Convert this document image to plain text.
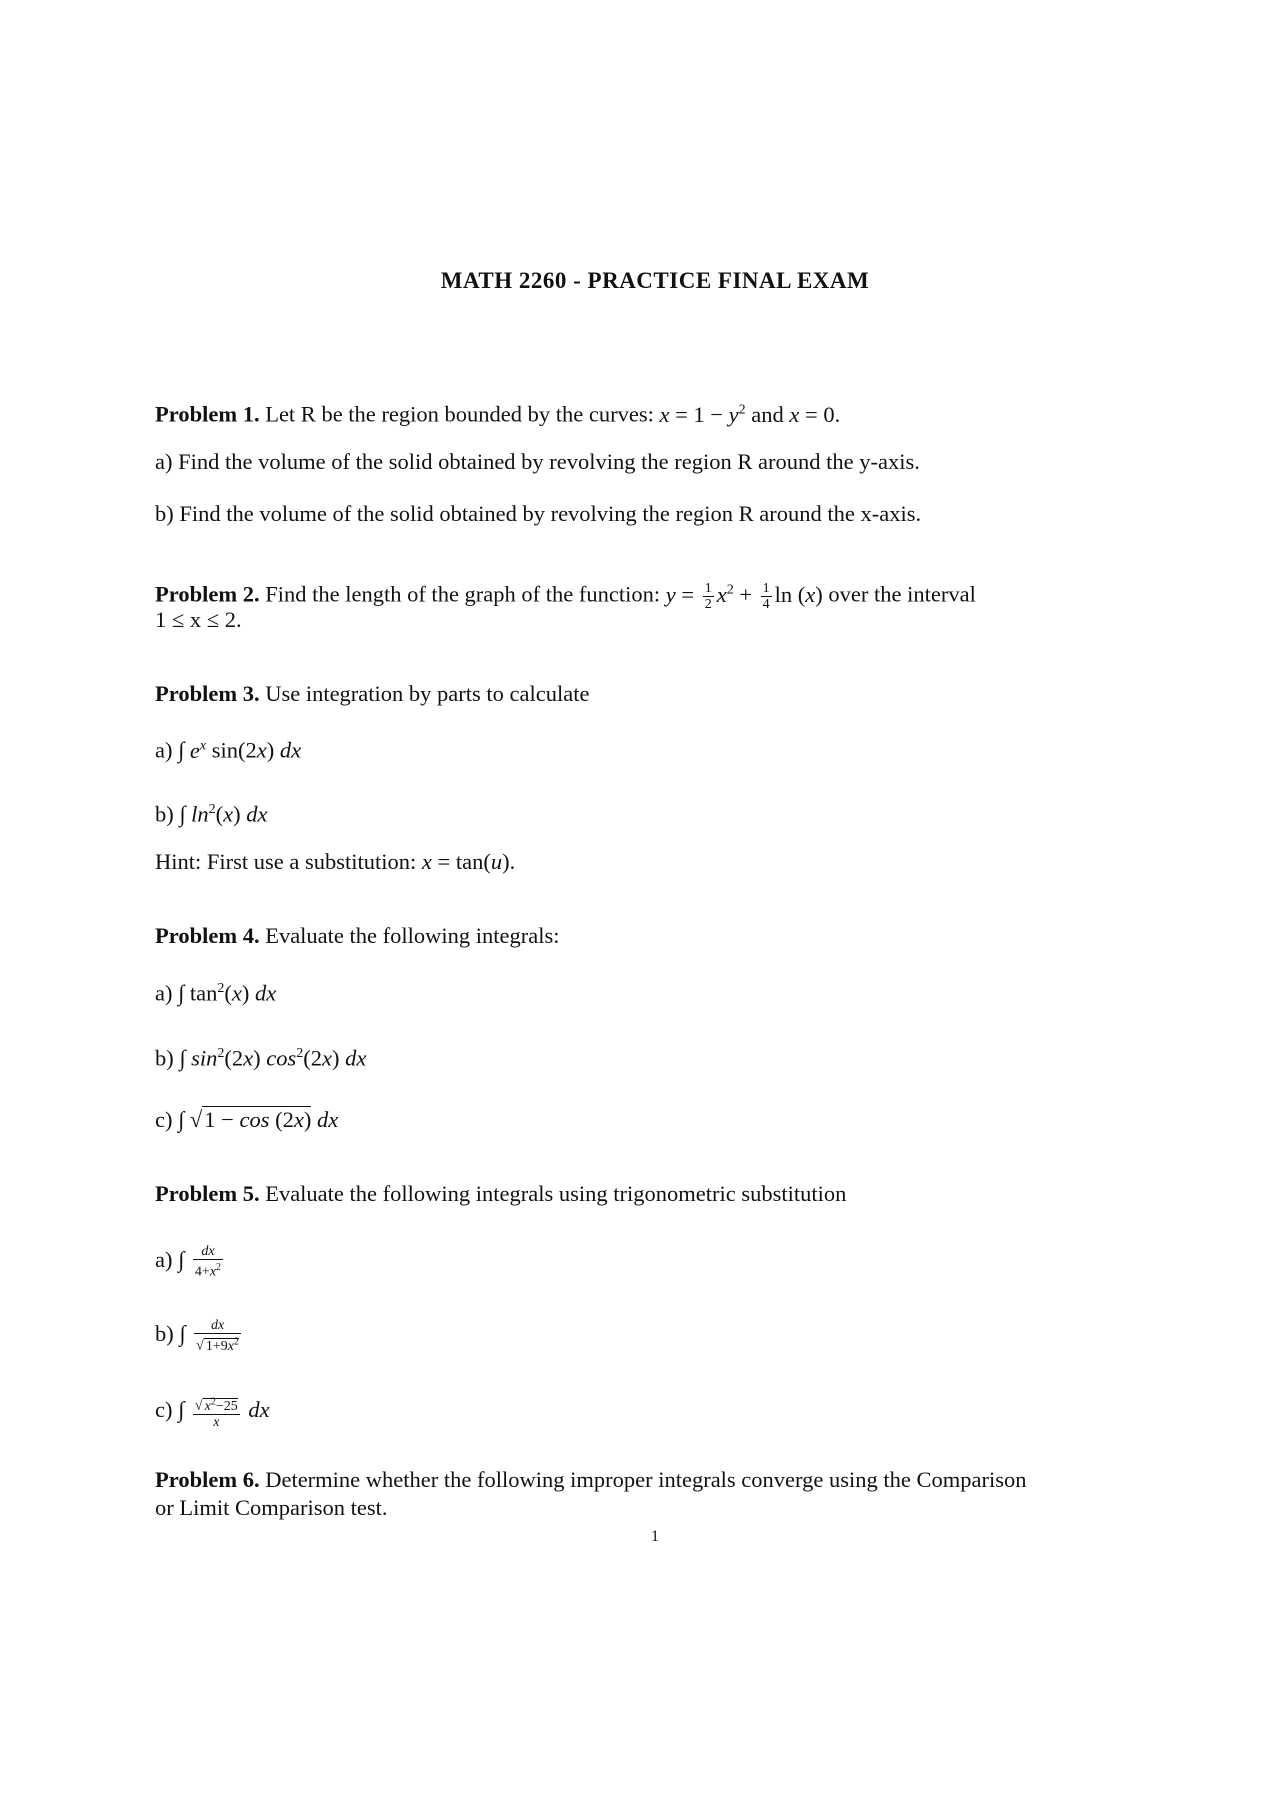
MATH 2260 - PRACTICE FINAL EXAM
Problem 1. Let R be the region bounded by the curves: $x = 1 - y^2$ and x = 0.
a) Find the volume of the solid obtained by revolving the region R around the y-axis.
b) Find the volume of the solid obtained by revolving the region R around the x-axis.
Problem 2. Find the length of the graph of the function: $y = \frac{1}{2} x^2 + \frac{1}{4}$ ln (x) over the interval
1 ≤ x ≤ 2.
Problem 3. Use integration by parts to calculate
a) ∫ $e^x$ sin(2x) dx
b) ∫ $\ln^2(x)$ dx
Hint: First use a substitution: x = tan(u).
Problem 4. Evaluate the following integrals:
a) ∫ $\tan^2(x)$ dx
b) ∫ $\sin^2(2x)$ $\cos^2(2x)$ dx
c) ∫ √1 − cos (2x) dx
Problem 5. Evaluate the following integrals using trigonometric substitution
a) ∫ $\frac{dx}{4+x^2}$
b) ∫ $\frac{dx}{√ 1+9x^2}$
c) ∫ $\frac{√ x^2-25}{x}$ dx
Problem 6. Determine whether the following improper integrals converge using the Comparison
or Limit Comparison test.
1
